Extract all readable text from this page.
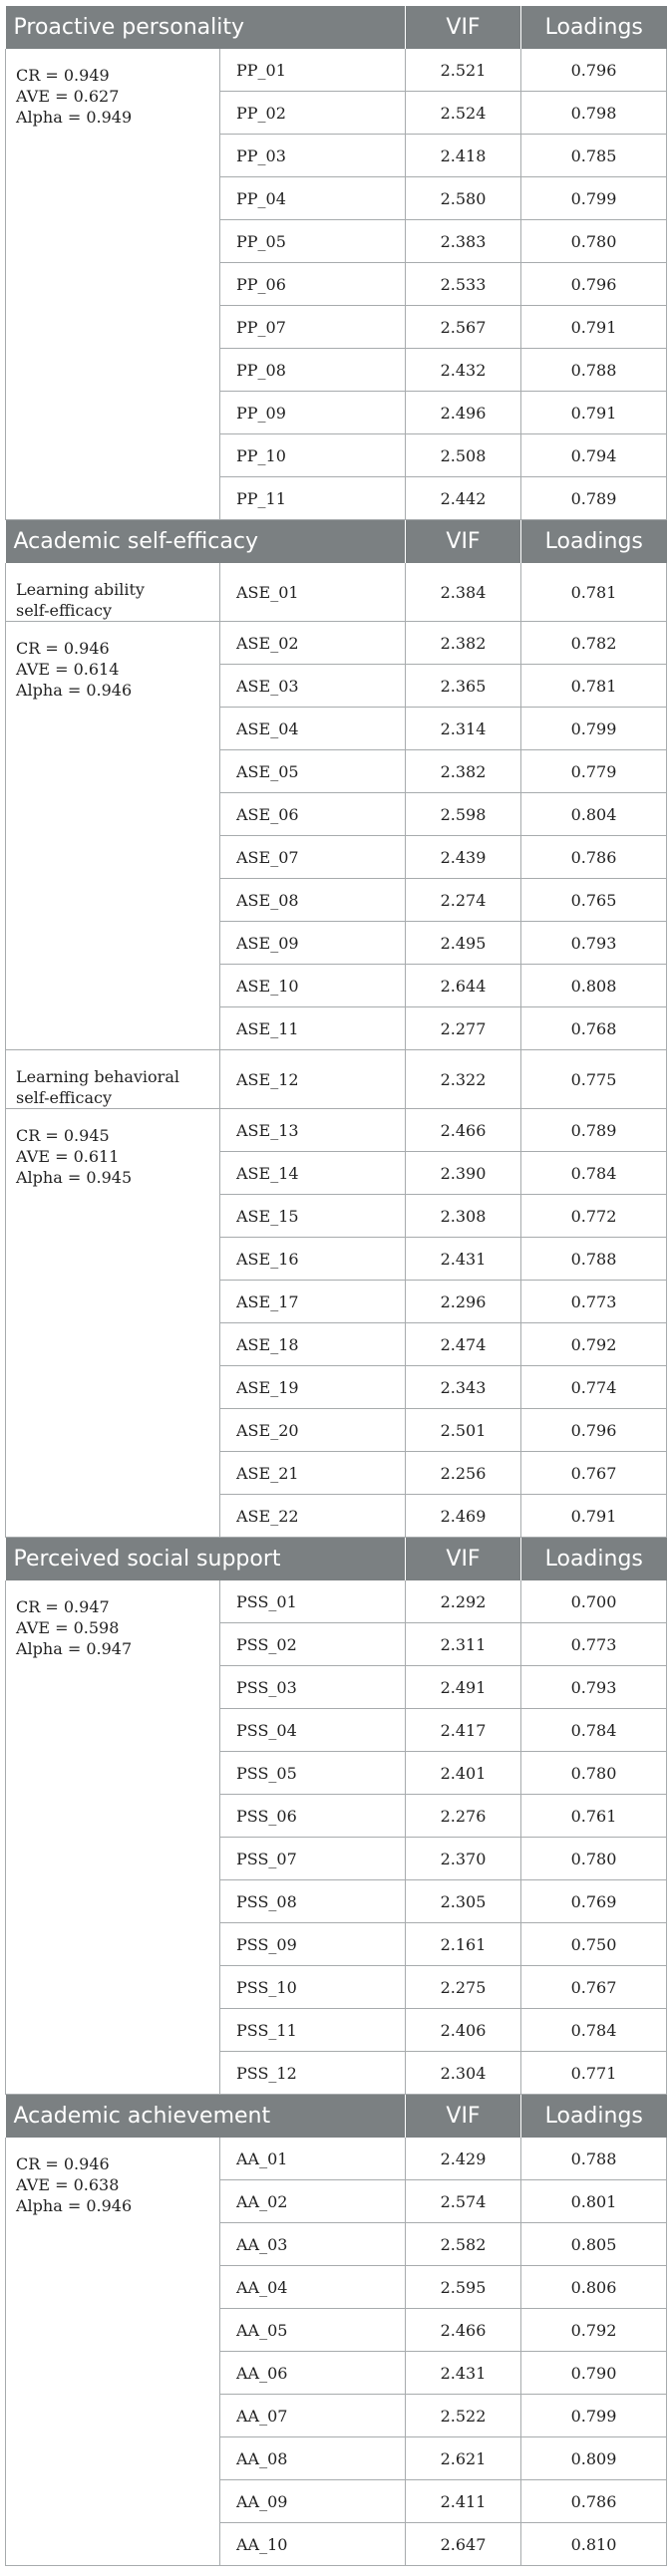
Proactive personality		VIF	Loadings

CR = 0.949
AVE = 0.627
Alpha = 0.949	PP_01	2.521	0.796
	PP_02	2.524	0.798
	PP_03	2.418	0.785
	PP_04	2.580	0.799
	PP_05	2.383	0.780
	PP_06	2.533	0.796
	PP_07	2.567	0.791
	PP_08	2.432	0.788
	PP_09	2.496	0.791
	PP_10	2.508	0.794
	PP_11	2.442	0.789
Academic self-efficacy		VIF	Loadings

Learning ability
self-efficacy	ASE_01	2.384	0.781

CR = 0.946
AVE = 0.614
Alpha = 0.946	ASE_02	2.382	0.782
	ASE_03	2.365	0.781
	ASE_04	2.314	0.799
	ASE_05	2.382	0.779
	ASE_06	2.598	0.804
	ASE_07	2.439	0.786
	ASE_08	2.274	0.765
	ASE_09	2.495	0.793
	ASE_10	2.644	0.808
	ASE_11	2.277	0.768

Learning behavioral
self-efficacy	ASE_12	2.322	0.775

CR = 0.945
AVE = 0.611
Alpha = 0.945	ASE_13	2.466	0.789
	ASE_14	2.390	0.784
	ASE_15	2.308	0.772
	ASE_16	2.431	0.788
	ASE_17	2.296	0.773
	ASE_18	2.474	0.792
	ASE_19	2.343	0.774
	ASE_20	2.501	0.796
	ASE_21	2.256	0.767
	ASE_22	2.469	0.791
Perceived social support		VIF	Loadings

CR = 0.947
AVE = 0.598
Alpha = 0.947	PSS_01	2.292	0.700
	PSS_02	2.311	0.773
	PSS_03	2.491	0.793
	PSS_04	2.417	0.784
	PSS_05	2.401	0.780
	PSS_06	2.276	0.761
	PSS_07	2.370	0.780
	PSS_08	2.305	0.769
	PSS_09	2.161	0.750
	PSS_10	2.275	0.767
	PSS_11	2.406	0.784
	PSS_12	2.304	0.771
Academic achievement		VIF	Loadings

CR = 0.946
AVE = 0.638
Alpha = 0.946	AA_01	2.429	0.788
	AA_02	2.574	0.801
	AA_03	2.582	0.805
	AA_04	2.595	0.806
	AA_05	2.466	0.792
	AA_06	2.431	0.790
	AA_07	2.522	0.799
	AA_08	2.621	0.809
	AA_09	2.411	0.786
	AA_10	2.647	0.810
